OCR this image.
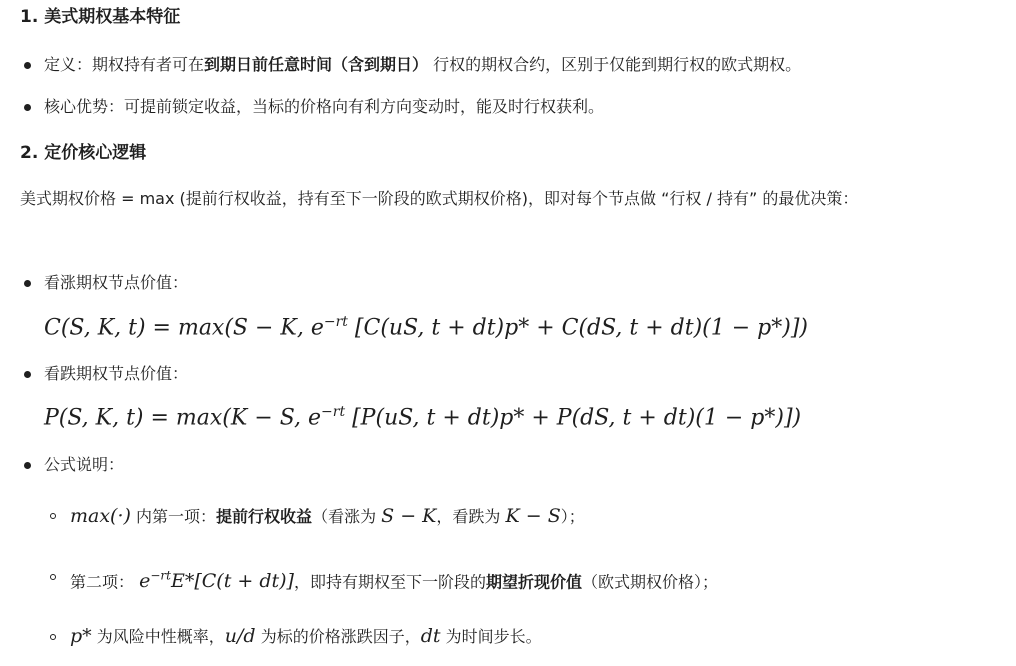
1. 美式期权基本特征
定义：期权持有者可在到期日前任意时间（含到期日） 行权的期权合约，区别于仅能到期行权的欧式期权。
核心优势：可提前锁定收益，当标的价格向有利方向变动时，能及时行权获利。
2. 定价核心逻辑
美式期权价格 = max (提前行权收益，持有至下一阶段的欧式期权价格)，即对每个节点做 “行权 / 持有” 的最优决策：
看涨期权节点价值：
C(S, K, t) = max(S − K, $e^{-rt}$ [C(uS, t + dt)p* + C(dS, t + dt)(1 − p*)])
看跌期权节点价值：
P(S, K, t) = max(K − S, $e^{-rt}$ [P(uS, t + dt)p* + P(dS, t + dt)(1 − p*)])
公式说明：
max(·) 内第一项：提前行权收益（看涨为 S − K，看跌为 K − S）；
第二项： $e^{-rt}E*[C(t + dt)]$，即持有期权至下一阶段的期望折现价值（欧式期权价格）；
p* 为风险中性概率，u/d 为标的价格涨跌因子，dt 为时间步长。
